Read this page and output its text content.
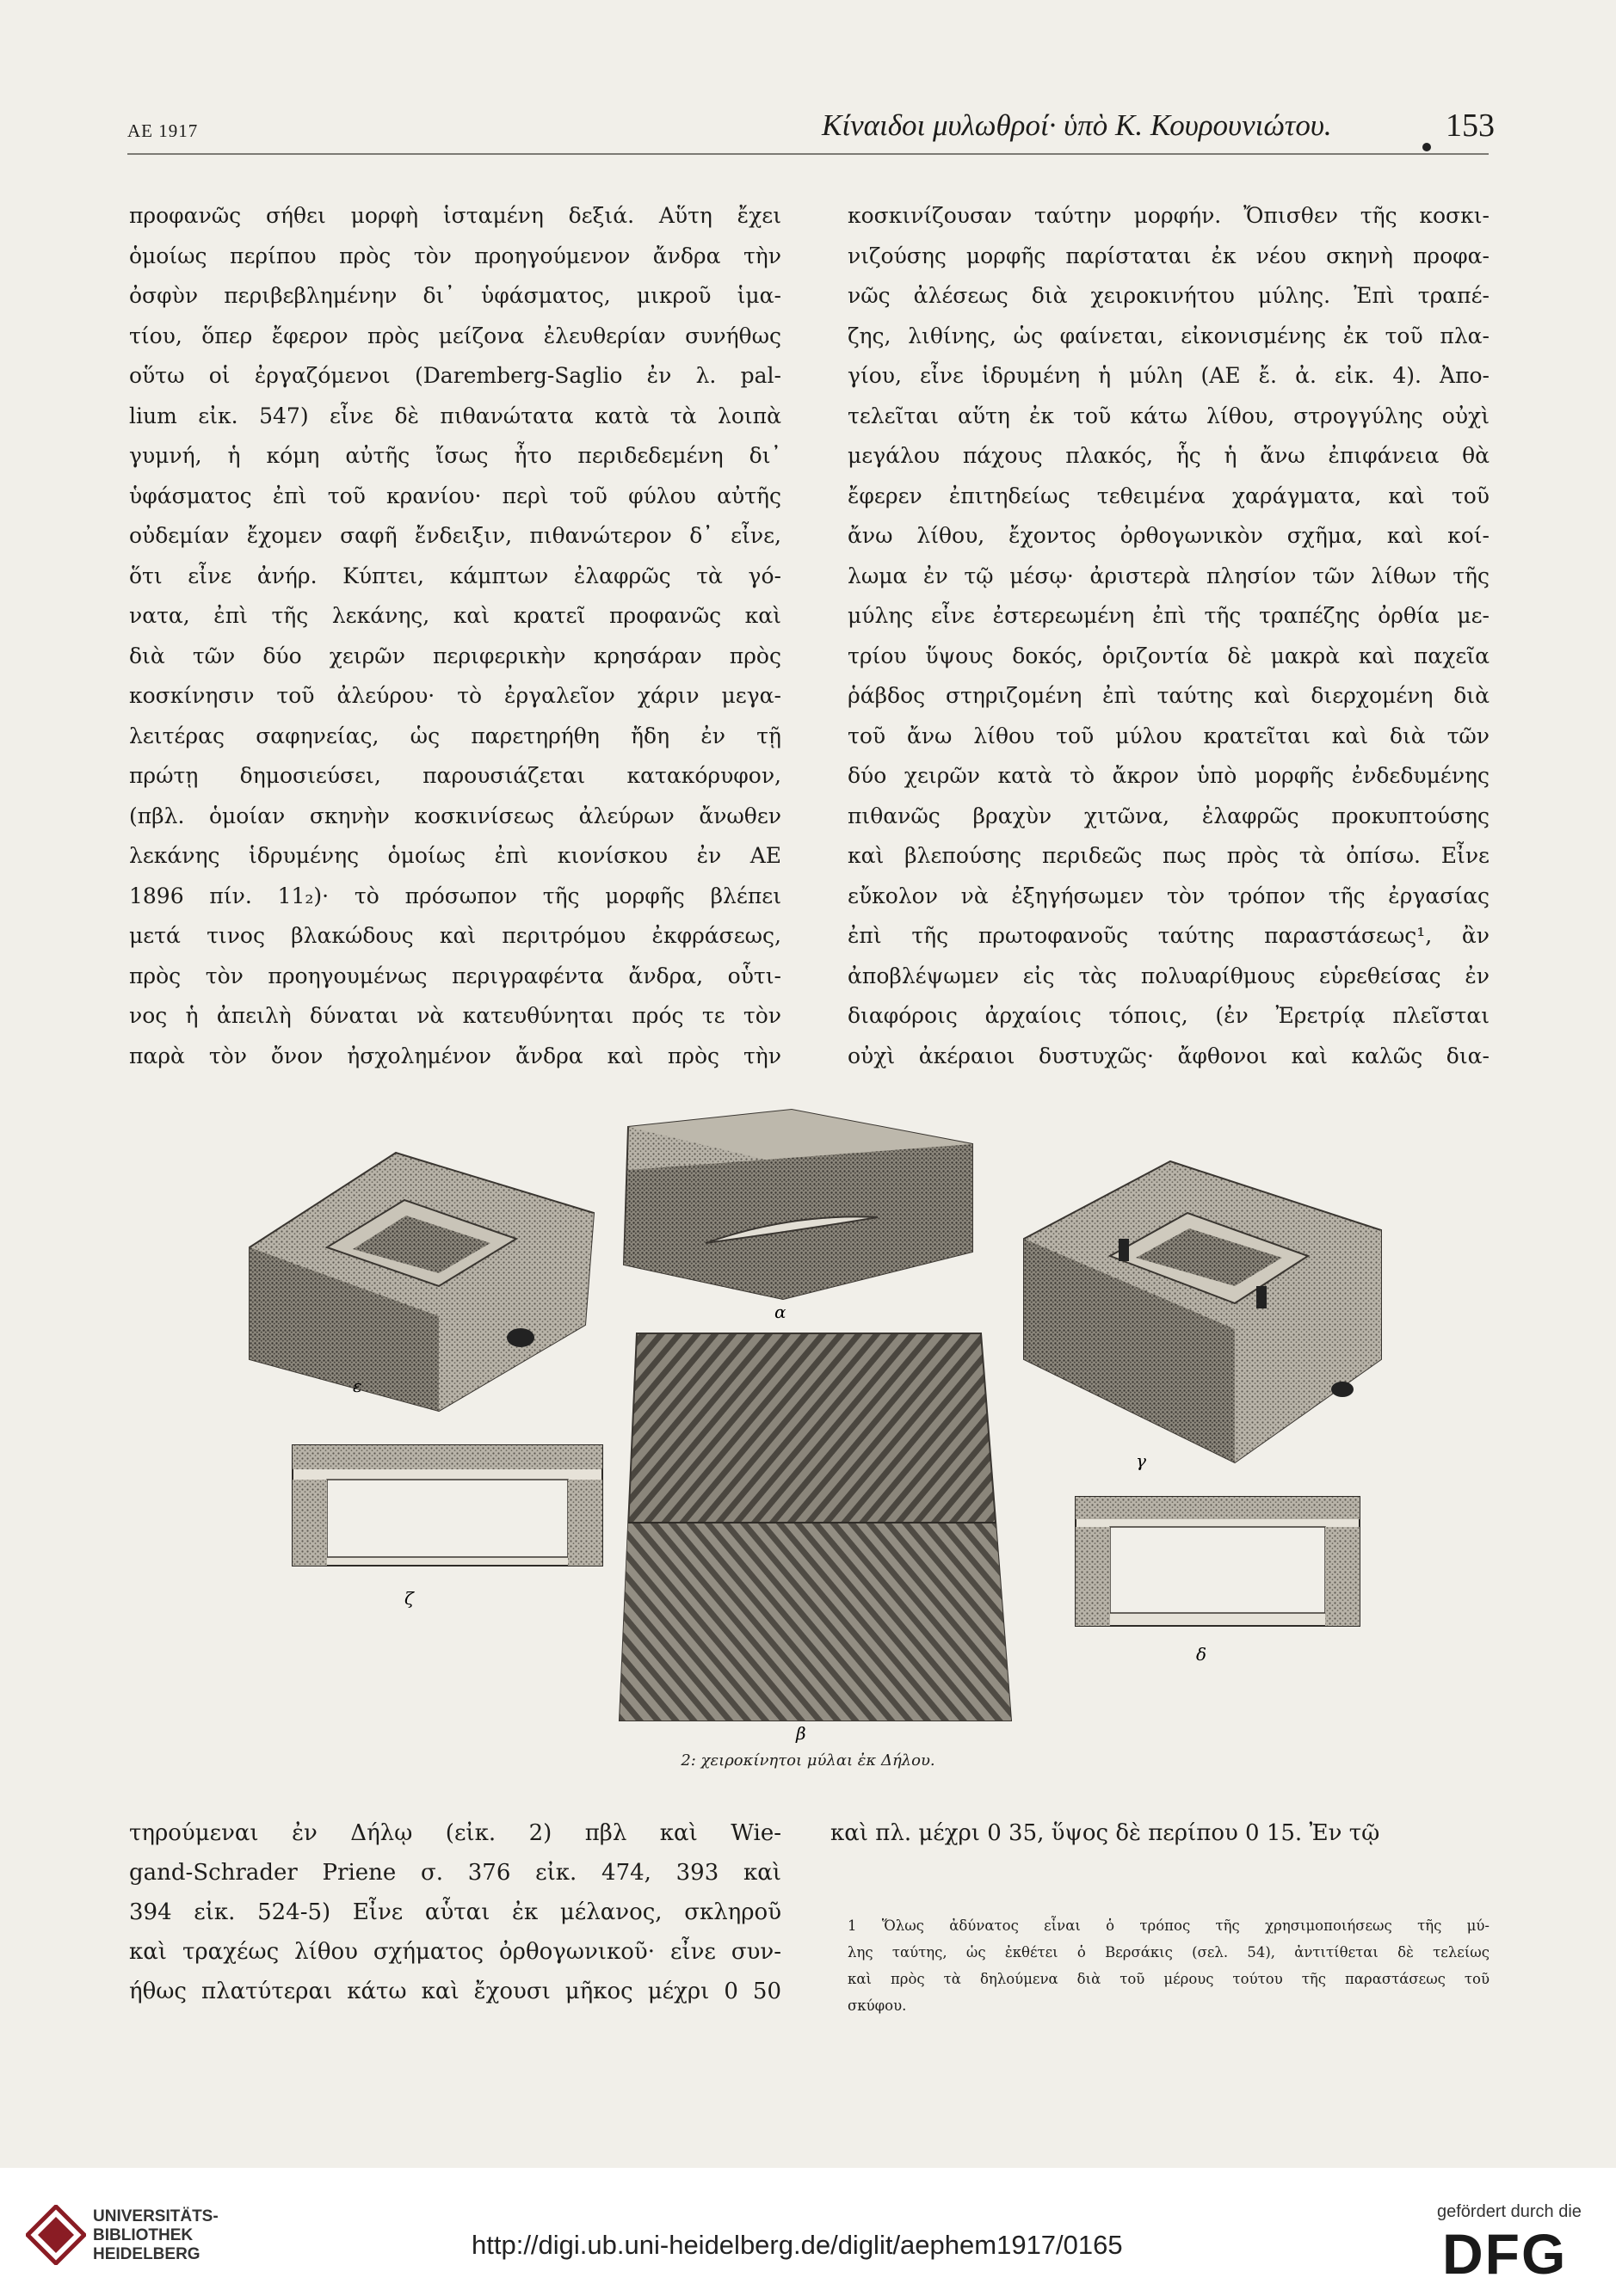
ΑΕ 1917	Κίναιδοι μυλωθροί· ὑπὸ Κ. Κουρουνιώτου.	153
προφανῶς σήθει μορφὴ ἱσταμένη δεξιά. Αὕτη ἔχει
ὁμοίως περίπου πρὸς τὸν προηγούμενον ἄνδρα τὴν
ὀσφὺν περιβεβλημένην δι᾽ ὑφάσματος, μικροῦ ἱμα-
τίου, ὅπερ ἔφερον πρὸς μείζονα ἐλευθερίαν συνήθως
οὕτω οἱ ἐργαζόμενοι (Daremberg-Saglio ἐν λ. pal-
lium εἰκ. 547) εἶνε δὲ πιθανώτατα κατὰ τὰ λοιπὰ
γυμνή, ἡ κόμη αὐτῆς ἴσως ἦτο περιδεδεμένη δι᾽
ὑφάσματος ἐπὶ τοῦ κρανίου· περὶ τοῦ φύλου αὐτῆς
οὐδεμίαν ἔχομεν σαφῆ ἔνδειξιν, πιθανώτερον δ᾽ εἶνε,
ὅτι εἶνε ἀνήρ. Κύπτει, κάμπτων ἐλαφρῶς τὰ γό-
νατα, ἐπὶ τῆς λεκάνης, καὶ κρατεῖ προφανῶς καὶ
διὰ τῶν δύο χειρῶν περιφερικὴν κρησάραν πρὸς
κοσκίνησιν τοῦ ἀλεύρου· τὸ ἐργαλεῖον χάριν μεγα-
λειτέρας σαφηνείας, ὡς παρετηρήθη ἤδη ἐν τῇ
πρώτῃ δημοσιεύσει, παρουσιάζεται κατακόρυφον,
(πβλ. ὁμοίαν σκηνὴν κοσκινίσεως ἀλεύρων ἄνωθεν
λεκάνης ἱδρυμένης ὁμοίως ἐπὶ κιονίσκου ἐν ΑΕ
1896 πίν. 11₂)· τὸ πρόσωπον τῆς μορφῆς βλέπει
μετά τινος βλακώδους καὶ περιτρόμου ἐκφράσεως,
πρὸς τὸν προηγουμένως περιγραφέντα ἄνδρα, οὗτι-
νος ἡ ἀπειλὴ δύναται νὰ κατευθύνηται πρός τε τὸν
παρὰ τὸν ὄνον ἠσχολημένον ἄνδρα καὶ πρὸς τὴν
κοσκινίζουσαν ταύτην μορφήν. Ὄπισθεν τῆς κοσκι-
νιζούσης μορφῆς παρίσταται ἐκ νέου σκηνὴ προφα-
νῶς ἀλέσεως διὰ χειροκινήτου μύλης. Ἐπὶ τραπέ-
ζης, λιθίνης, ὡς φαίνεται, εἰκονισμένης ἐκ τοῦ πλα-
γίου, εἶνε ἱδρυμένη ἡ μύλη (ΑΕ ἔ. ἀ. εἰκ. 4). Ἀπο-
τελεῖται αὕτη ἐκ τοῦ κάτω λίθου, στρογγύλης οὐχὶ
μεγάλου πάχους πλακός, ἧς ἡ ἄνω ἐπιφάνεια θὰ
ἔφερεν ἐπιτηδείως τεθειμένα χαράγματα, καὶ τοῦ
ἄνω λίθου, ἔχοντος ὀρθογωνικὸν σχῆμα, καὶ κοί-
λωμα ἐν τῷ μέσῳ· ἀριστερὰ πλησίον τῶν λίθων τῆς
μύλης εἶνε ἐστερεωμένη ἐπὶ τῆς τραπέζης ὀρθία με-
τρίου ὕψους δοκός, ὁριζοντία δὲ μακρὰ καὶ παχεῖα
ῥάβδος στηριζομένη ἐπὶ ταύτης καὶ διερχομένη διὰ
τοῦ ἄνω λίθου τοῦ μύλου κρατεῖται καὶ διὰ τῶν
δύο χειρῶν κατὰ τὸ ἄκρον ὑπὸ μορφῆς ἐνδεδυμένης
πιθανῶς βραχὺν χιτῶνα, ἐλαφρῶς προκυπτούσης
καὶ βλεπούσης περιδεῶς πως πρὸς τὰ ὀπίσω. Εἶνε
εὔκολον νὰ ἐξηγήσωμεν τὸν τρόπον τῆς ἐργασίας
ἐπὶ τῆς πρωτοφανοῦς ταύτης παραστάσεως¹, ἂν
ἀποβλέψωμεν εἰς τὰς πολυαρίθμους εὑρεθείσας ἐν
διαφόροις ἀρχαίοις τόποις, (ἐν Ἐρετρίᾳ πλεῖσται
οὐχὶ ἀκέραιοι δυστυχῶς· ἄφθονοι καὶ καλῶς δια-
α
ε
γ
ζ
δ
β
2: χειροκίνητοι μύλαι ἐκ Δήλου.
τηρούμεναι ἐν Δήλῳ (εἰκ. 2) πβλ καὶ Wie-
gand-Schrader Priene σ. 376 εἰκ. 474, 393 καὶ
394 εἰκ. 524-5) Εἶνε αὗται ἐκ μέλανος, σκληροῦ
καὶ τραχέως λίθου σχήματος ὀρθογωνικοῦ· εἶνε συν-
ήθως πλατύτεραι κάτω καὶ ἔχουσι μῆκος μέχρι 0 50
καὶ πλ. μέχρι 0 35, ὕψος δὲ περίπου 0 15. Ἐν τῷ
1 Ὅλως ἀδύνατος εἶναι ὁ τρόπος τῆς χρησιμοποιήσεως τῆς μύ-
λης ταύτης, ὡς ἐκθέτει ὁ Βερσάκις (σελ. 54), ἀντιτίθεται δὲ τελείως
καὶ πρὸς τὰ δηλούμενα διὰ τοῦ μέρους τούτου τῆς παραστάσεως τοῦ
σκύφου.
UNIVERSITÄTS-
BIBLIOTHEK
HEIDELBERG	http://digi.ub.uni-heidelberg.de/diglit/aephem1917/0165
gefördert durch die
DFG
